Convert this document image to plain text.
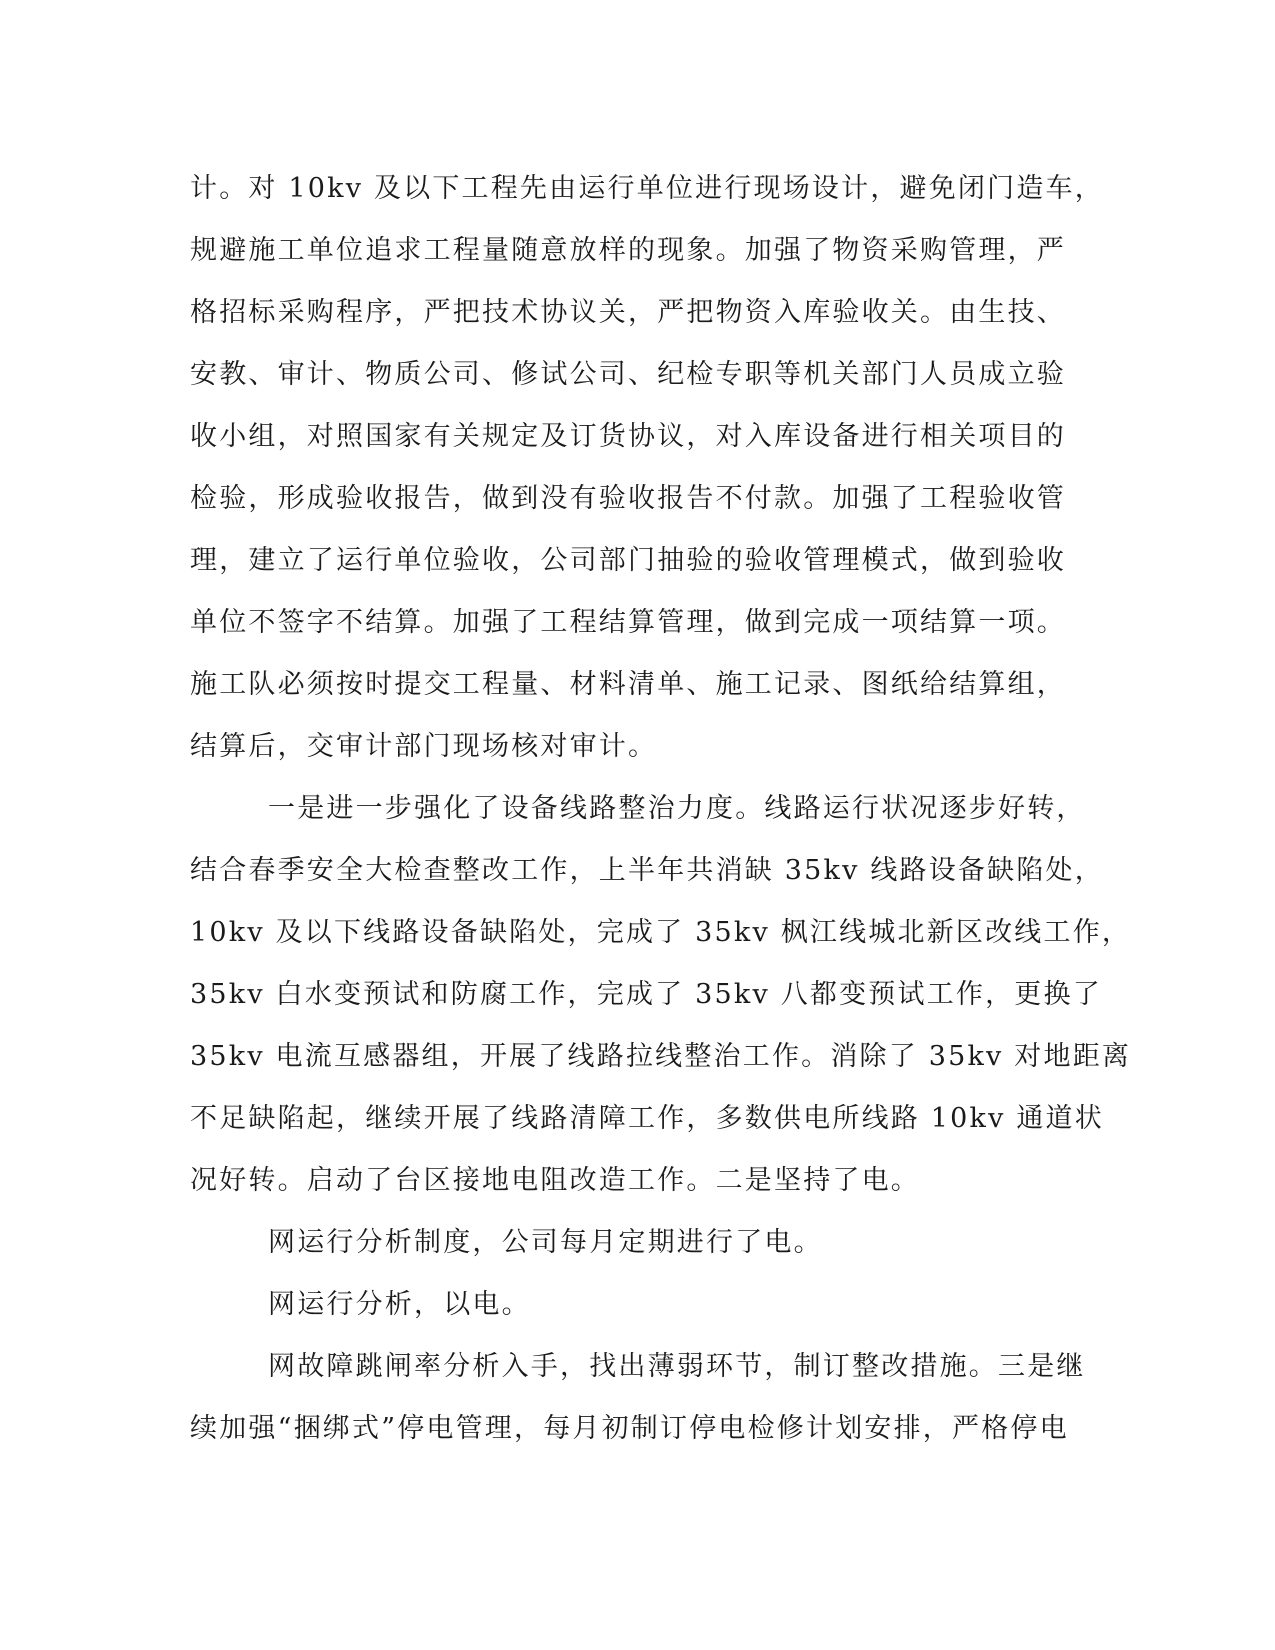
计。对 10kv 及以下工程先由运行单位进行现场设计，避免闭门造车，
规避施工单位追求工程量随意放样的现象。加强了物资采购管理，严
格招标采购程序，严把技术协议关，严把物资入库验收关。由生技、
安教、审计、物质公司、修试公司、纪检专职等机关部门人员成立验
收小组，对照国家有关规定及订货协议，对入库设备进行相关项目的
检验，形成验收报告，做到没有验收报告不付款。加强了工程验收管
理，建立了运行单位验收，公司部门抽验的验收管理模式，做到验收
单位不签字不结算。加强了工程结算管理，做到完成一项结算一项。
施工队必须按时提交工程量、材料清单、施工记录、图纸给结算组，
结算后，交审计部门现场核对审计。
一是进一步强化了设备线路整治力度。线路运行状况逐步好转，
结合春季安全大检查整改工作，上半年共消缺 35kv 线路设备缺陷处，
10kv 及以下线路设备缺陷处，完成了 35kv 枫江线城北新区改线工作，
35kv 白水变预试和防腐工作，完成了 35kv 八都变预试工作，更换了
35kv 电流互感器组，开展了线路拉线整治工作。消除了 35kv 对地距离
不足缺陷起，继续开展了线路清障工作，多数供电所线路 10kv 通道状
况好转。启动了台区接地电阻改造工作。二是坚持了电。
网运行分析制度，公司每月定期进行了电。
网运行分析，以电。
网故障跳闸率分析入手，找出薄弱环节，制订整改措施。三是继
续加强“捆绑式”停电管理，每月初制订停电检修计划安排，严格停电
